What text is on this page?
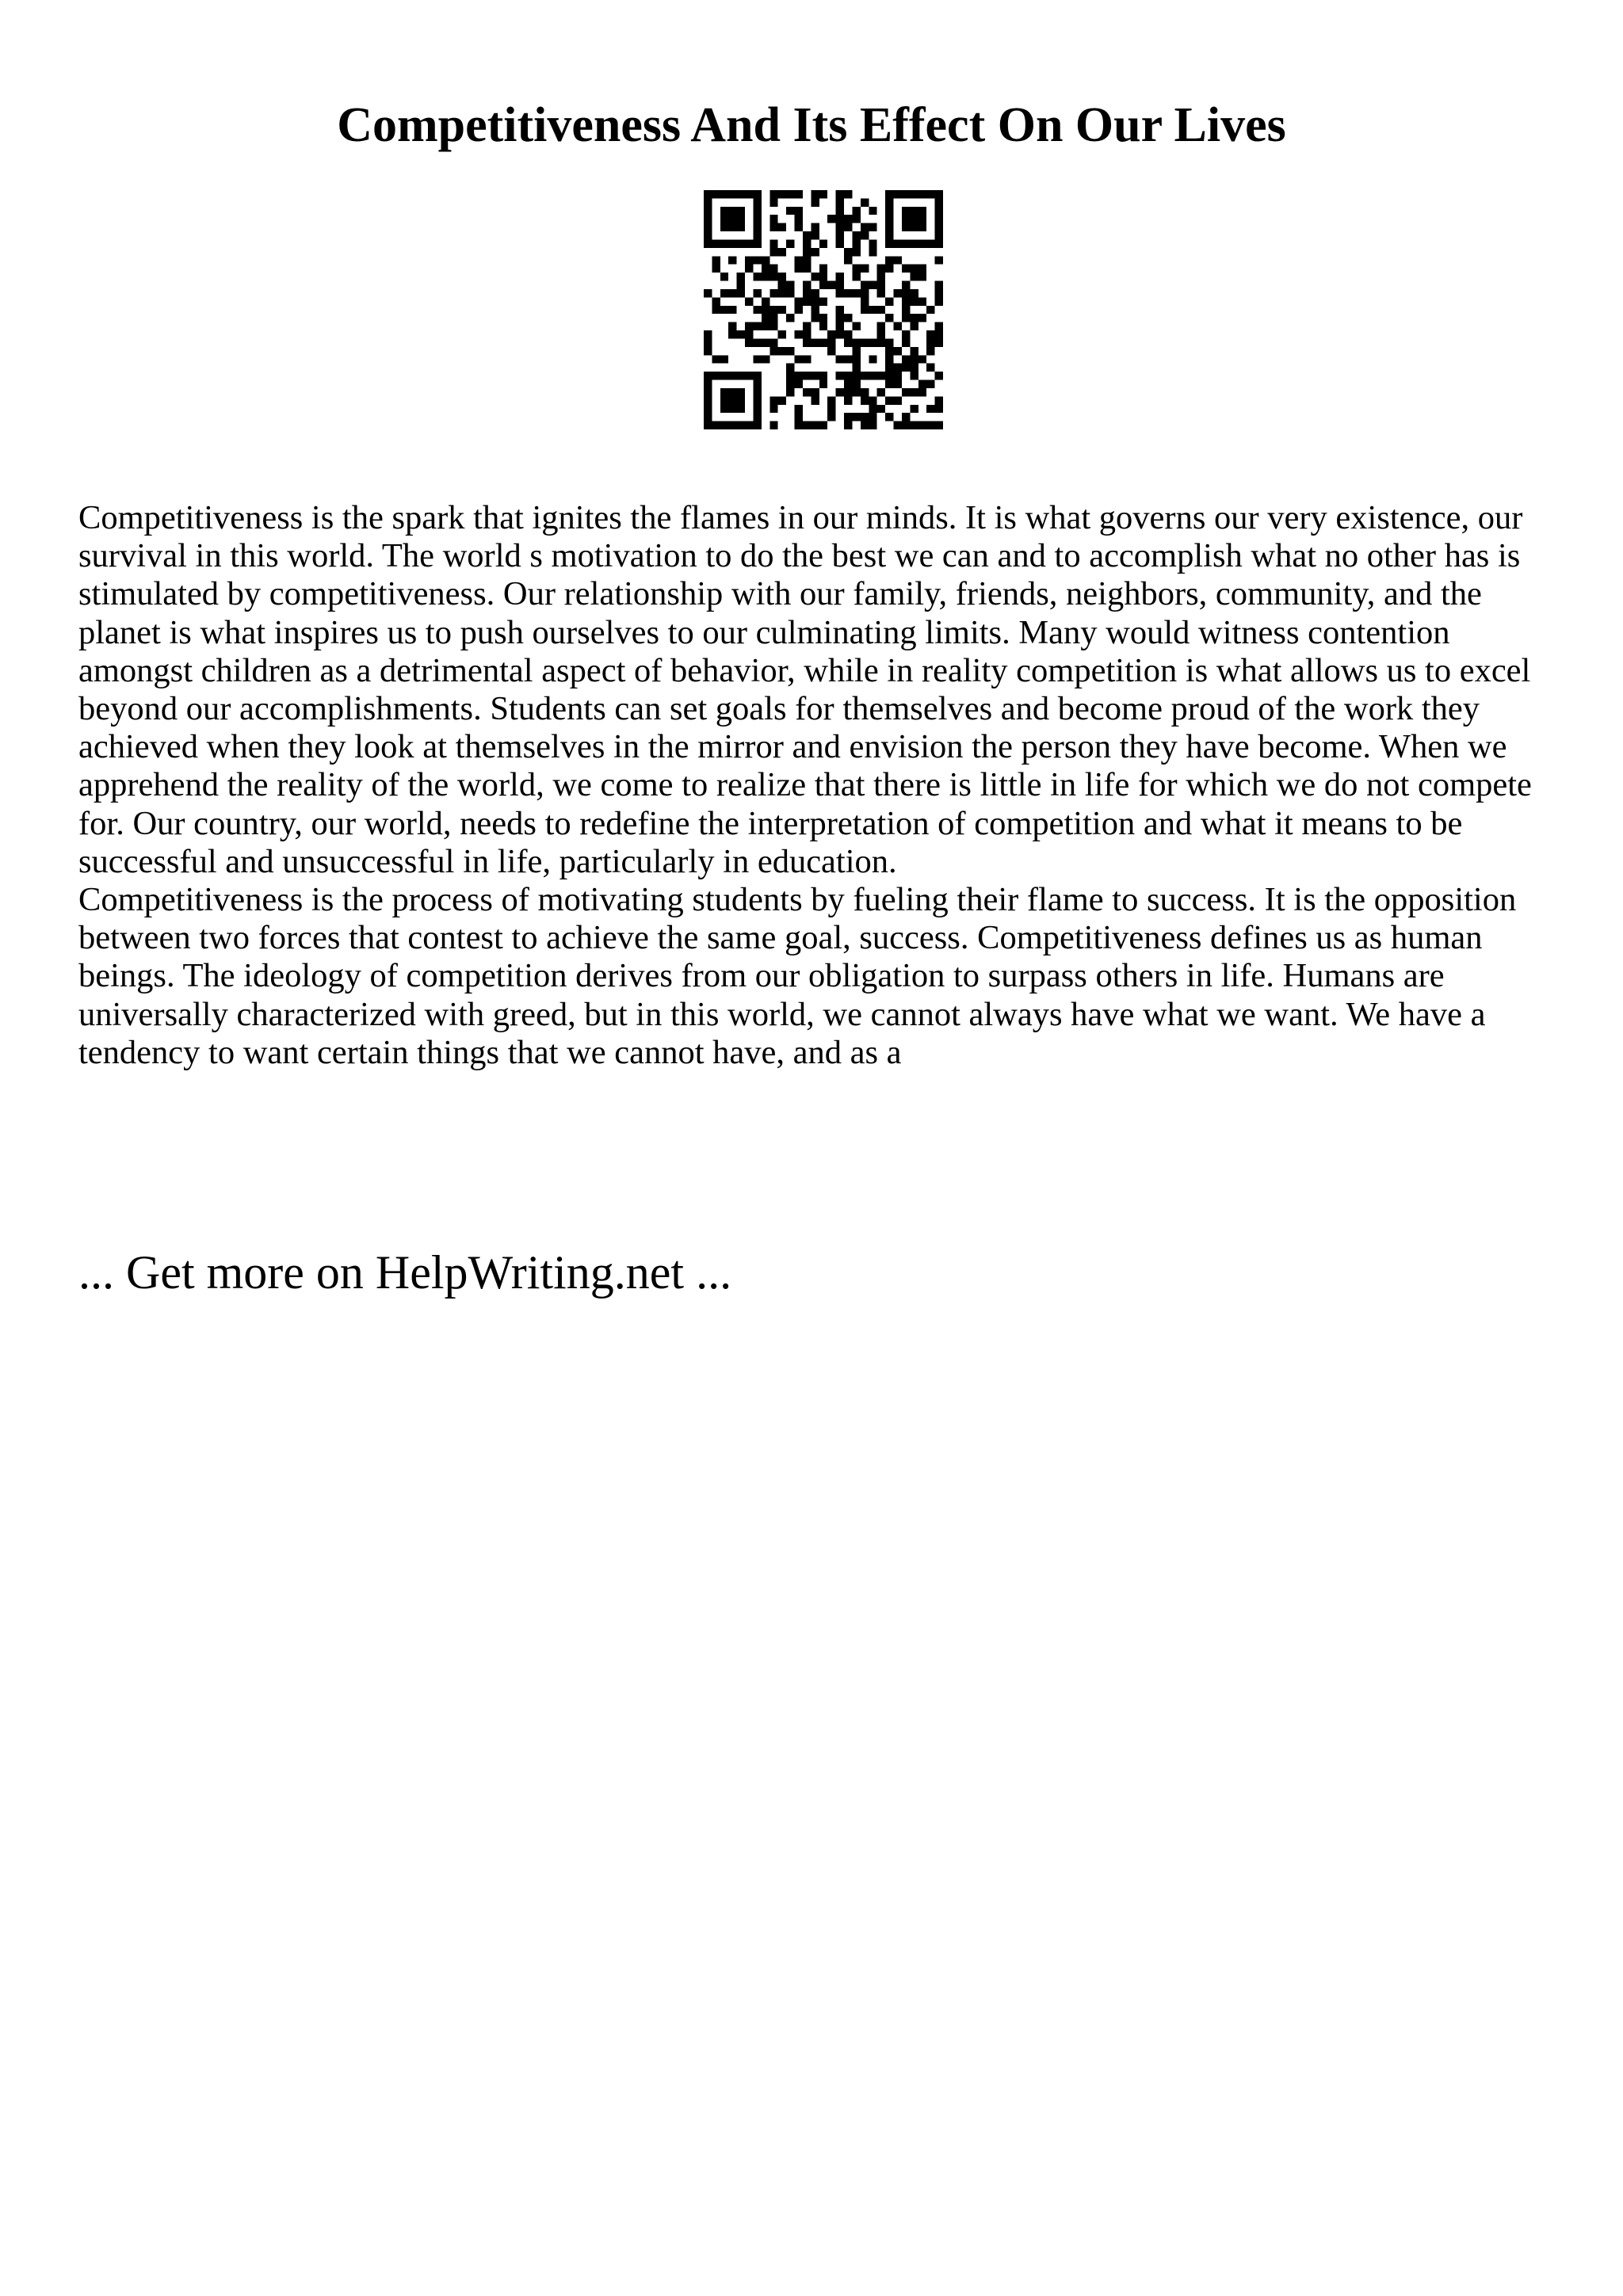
Competitiveness And Its Effect On Our Lives

Competitiveness is the spark that ignites the flames in our minds. It is what governs our very existence, our survival in this world. The world s motivation to do the best we can and to accomplish what no other has is stimulated by competitiveness. Our relationship with our family, friends, neighbors, community, and the planet is what inspires us to push ourselves to our culminating limits. Many would witness contention amongst children as a detrimental aspect of behavior, while in reality competition is what allows us to excel beyond our accomplishments. Students can set goals for themselves and become proud of the work they achieved when they look at themselves in the mirror and envision the person they have become. When we apprehend the reality of the world, we come to realize that there is little in life for which we do not compete for. Our country, our world, needs to redefine the interpretation of competition and what it means to be successful and unsuccessful in life, particularly in education.

Competitiveness is the process of motivating students by fueling their flame to success. It is the opposition between two forces that contest to achieve the same goal, success. Competitiveness defines us as human beings. The ideology of competition derives from our obligation to surpass others in life. Humans are universally characterized with greed, but in this world, we cannot always have what we want. We have a tendency to want certain things that we cannot have, and as a

... Get more on HelpWriting.net ...
